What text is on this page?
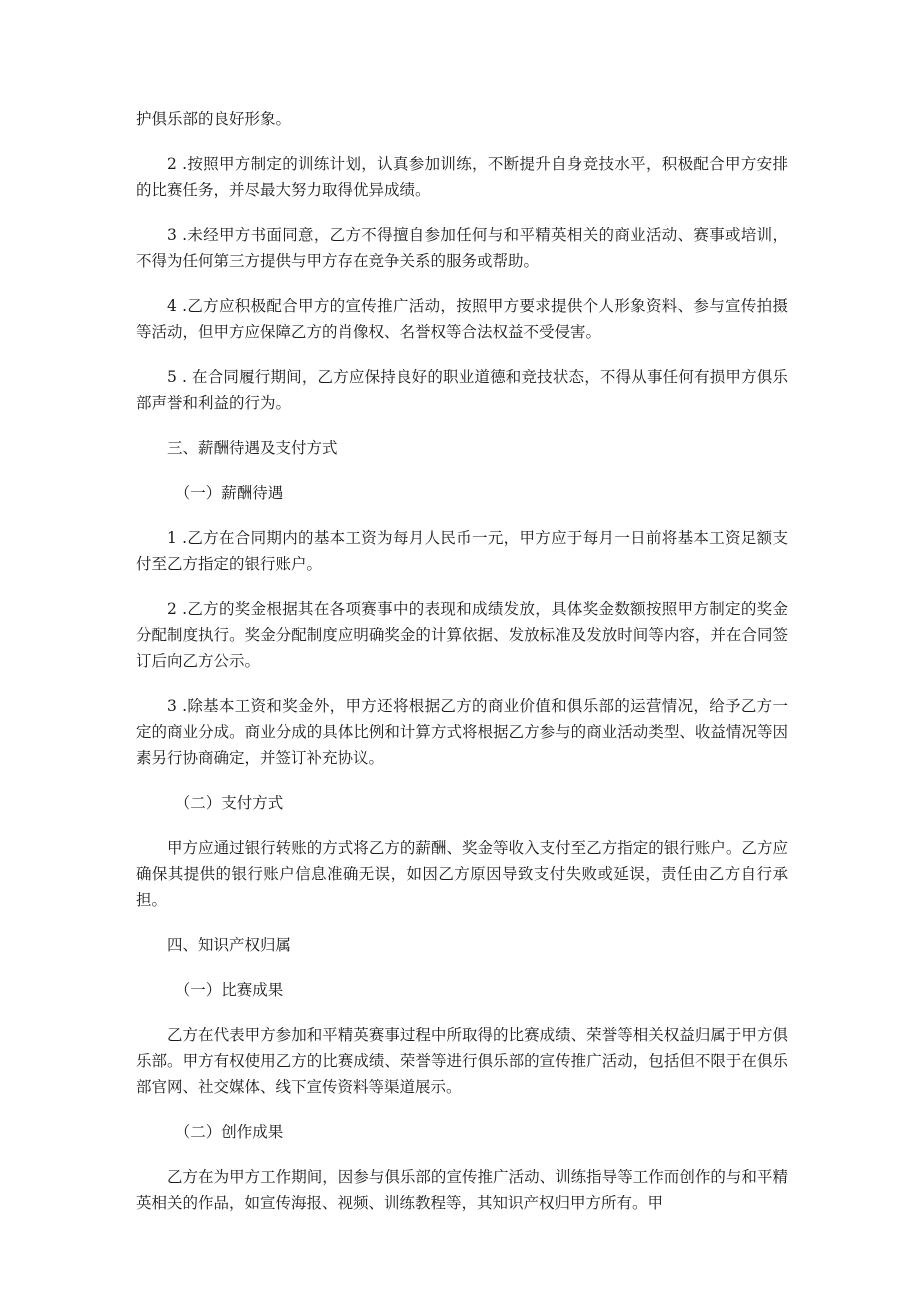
护俱乐部的良好形象。

2 .按照甲方制定的训练计划，认真参加训练，不断提升自身竞技水平，积极配合甲方安排的比赛任务，并尽最大努力取得优异成绩。

3 .未经甲方书面同意，乙方不得擅自参加任何与和平精英相关的商业活动、赛事或培训，不得为任何第三方提供与甲方存在竞争关系的服务或帮助。

4 .乙方应积极配合甲方的宣传推广活动，按照甲方要求提供个人形象资料、参与宣传拍摄等活动，但甲方应保障乙方的肖像权、名誉权等合法权益不受侵害。

5 . 在合同履行期间，乙方应保持良好的职业道德和竞技状态，不得从事任何有损甲方俱乐部声誉和利益的行为。

三、薪酬待遇及支付方式

（一）薪酬待遇

1 .乙方在合同期内的基本工资为每月人民币一元，甲方应于每月一日前将基本工资足额支付至乙方指定的银行账户。

2 .乙方的奖金根据其在各项赛事中的表现和成绩发放，具体奖金数额按照甲方制定的奖金分配制度执行。奖金分配制度应明确奖金的计算依据、发放标准及发放时间等内容，并在合同签订后向乙方公示。

3 .除基本工资和奖金外，甲方还将根据乙方的商业价值和俱乐部的运营情况，给予乙方一定的商业分成。商业分成的具体比例和计算方式将根据乙方参与的商业活动类型、收益情况等因素另行协商确定，并签订补充协议。

（二）支付方式

甲方应通过银行转账的方式将乙方的薪酬、奖金等收入支付至乙方指定的银行账户。乙方应确保其提供的银行账户信息准确无误，如因乙方原因导致支付失败或延误，责任由乙方自行承担。

四、知识产权归属

（一）比赛成果

乙方在代表甲方参加和平精英赛事过程中所取得的比赛成绩、荣誉等相关权益归属于甲方俱乐部。甲方有权使用乙方的比赛成绩、荣誉等进行俱乐部的宣传推广活动，包括但不限于在俱乐部官网、社交媒体、线下宣传资料等渠道展示。

（二）创作成果

乙方在为甲方工作期间，因参与俱乐部的宣传推广活动、训练指导等工作而创作的与和平精英相关的作品，如宣传海报、视频、训练教程等，其知识产权归甲方所有。甲
